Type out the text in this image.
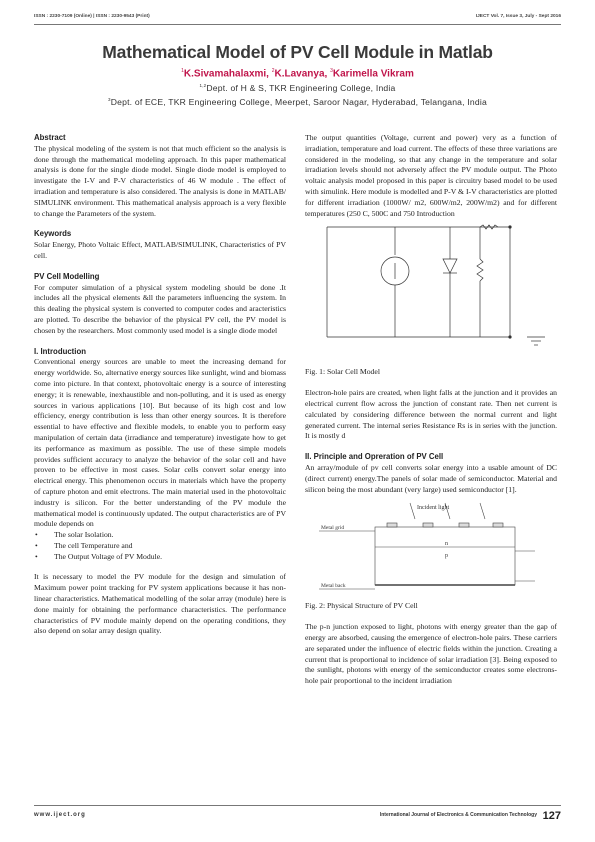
ISSN : 2230-7109 (Online) | ISSN : 2230-9543 (Print)	IJECT Vol. 7, Issue 3, July - Sept 2016
Mathematical Model of PV Cell Module in Matlab
$^1$K.Sivamahalaxmi, $^2$K.Lavanya, $^3$Karimella Vikram
$^{1,2}$Dept. of H & S, TKR Engineering College, India
$^3$Dept. of ECE, TKR Engineering College, Meerpet, Saroor Nagar, Hyderabad, Telangana, India
Abstract

The physical modeling of the system is not that much efficient so the analysis is done through the mathematical modeling approach. In this paper mathematical analysis is done for the single diode model. Single diode model is employed to investigate the I-V and P-V characteristics of 46 W module . The effect of irradiation and temperature is also considered. The analysis is done in MATLAB/ SIMULINK environment. This mathematical analysis approach is a very flexible to change the Parameters of the system.

Keywords

Solar Energy, Photo Voltaic Effect, MATLAB/SIMULINK, Characteristics of PV cell.

PV Cell Modelling

For computer simulation of a physical system modeling should be done .It includes all the physical elements &ll the parameters influencing the system. In this dealing the physical system is converted to computer codes and aracteristics are plotted. To describe the behavior of the physical PV cell, the PV model is chosen by the researchers. Most commonly used model is a single diode model

I. Introduction

Conventional energy sources are unable to meet the increasing demand for energy worldwide. So, alternative energy sources like sunlight, wind and biomass come into picture. In that context, photovoltaic energy is a source of interesting energy; it is renewable, inexhaustible and non-polluting, and it is used as energy sources in various applications [10]. But because of its high cost and low efficiency, energy contribution is less than other energy sources. It is therefore essential to have effective and flexible models, to enable you to perform easy manipulation of certain data (irradiance and temperature) investigate how to get its performance as maximum as possible. The use of these simple models provides sufficient accuracy to analyze the behavior of the solar cell and have proven to be effective in most cases. Solar cells convert solar energy into electrical energy. This phenomenon occurs in materials which have the property of capture photon and emit electrons. The main material used in the photovoltaic industry is silicon. For the better understanding of the PV module the mathematical model is continuously updated. The output characteristics are of PV module depends on

• The solar Isolation.
• The cell Temperature and
• The Output Voltage of PV Module.

It is necessary to model the PV module for the design and simulation of Maximum power point tracking for PV system applications because it has non-linear characteristics. Mathematical modelling of the solar array (module) here is done mainly for obtaining the performance characteristics. The performance characteristics of PV module mainly depend on the operating conditions, they also depend on solar array design quality.

The output quantities (Voltage, current and power) very as a function of irradiation, temperature and load current. The effects of these three variations are considered in the modeling, so that any change in the temperature and solar irradiation levels should not adversely affect the PV module output. The Photo voltaic analysis model proposed in this paper is circuitry based model to be used with simulink. Here module is modelled and P-V & I-V characteristics are plotted for different irradiation (1000W/ m2, 600W/m2, 200W/m2) and for different temperatures (250 C, 500C and 750 Introduction

Fig. 1: Solar Cell Model

Electron-hole pairs are created, when light falls at the junction and it provides an electrical current flow across the junction of constant rate. Then net current is calculated by considering difference between the normal current and light generated current. The internal series Resistance Rs is in series with the junction. It is mostly d

II. Principle and Opreration of PV Cell

An array/module of pv cell converts solar energy into a usable amount of DC (direct current) energy.The panels of solar made of semiconductor. Material and silicon being the most abundant (very large) used semiconductor [1].

Incident light
Metal grid
n
p
Metal back
Fig. 2: Physical Structure of PV Cell

The p-n junction exposed to light, photons with energy greater than the gap of energy are absorbed, causing the emergence of electron-hole pairs. These carriers are separated under the influence of electric fields within the junction. Creating a current that is proportional to incidence of solar irradiation [3]. Being exposed to the sunlight, photons with energy of the semiconductor creates some electrons-hole pair proportional to the incident irradiation

www.iject.org	International Journal of Electronics & Communication Technology 127
